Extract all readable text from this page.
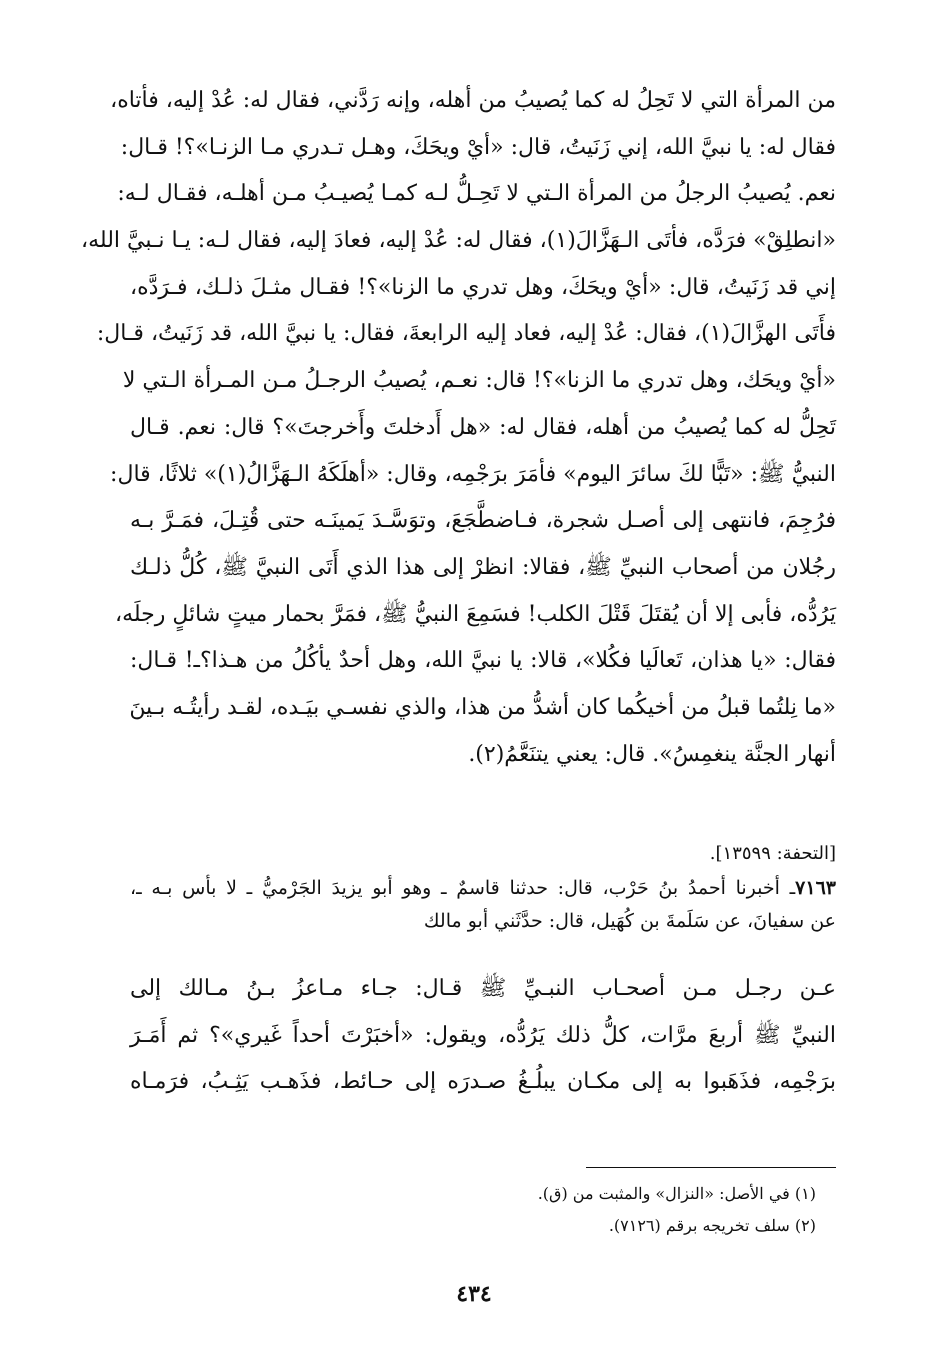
من المرأة التي لا تَحِلُ له كما يُصيبُ من أهله، وإنه رَدَّني، فقال له: عُدْ إليه، فأتاه،
فقال له: يا نبيَّ الله، إني زَنَيتُ، قال: «أيْ ويحَكَ، وهـل تـدري مـا الزنـا»؟! قـال:
نعم. يُصيبُ الرجلُ من المرأة الـتي لا تَحِـلُّ لـه كمـا يُصيـبُ مـن أهلـه، فقـال لـه:
«انطلِقْ» فرَدَّه، فأتَى الـهَزَّالَ(١)، فقال له: عُدْ إليه، فعادَ إليه، فقال لـه: يـا نـبيَّ الله،
إني قد زَنَيتُ، قال: «أيْ ويحَكَ، وهل تدري ما الزنا»؟! فقـال مثـلَ ذلـك، فـرَدَّه،
فأَتَى الهزَّالَ(١)، فقال: عُدْ إليه، فعاد إليه الرابعةَ، فقال: يا نبيَّ الله، قد زَنَيتُ، قـال:
«أيْ ويحَك، وهل تدري ما الزنا»؟! قال: نعـم، يُصيبُ الرجـلُ مـن المـرأة الـتي لا
تَحِلُّ له كما يُصيبُ من أهله، فقال له: «هل أَدخلتَ وأَخرجتَ»؟ قال: نعم. قـال
النبيُّ ﷺ: «تَبًّا لكَ سائرَ اليوم» فأمَرَ برَجْمِه، وقال: «أهلَكَهُ الـهَزَّالُ(١)» ثلاثًا، قال:
فرُجِمَ، فانتهى إلى أصـل شجرة، فـاضطَّجَعَ، وتوَسَّـدَ يَمينَـه حتى قُتِـلَ، فمَـرَّ بـه
رجُلان من أصحاب النبيِّ ﷺ، فقالا: انظرْ إلى هذا الذي أَتَى النبيَّ ﷺ، كُلُّ ذلـك
يَرُدُّه، فأبى إلا أن يُقتَلَ قَتْلَ الكلب! فسَمِعَ النبيُّ ﷺ، فمَرَّ بحمار ميتٍ شائلٍ رجلَه،
فقال: «يا هذان، تَعالَيا فكُلا»، قالا: يا نبيَّ الله، وهل أحدٌ يأكُلُ من هـذا؟ـ! قـال:
«ما نِلتُما قبلُ من أخيكُما كان أشدُّ من هذا، والذي نفسـي بيَـده، لقـد رأيتُـه بـينَ
أنهار الجنَّة ينغمِسُ». قال: يعني يتنَعَّمُ(٢).
[التحفة: ١٣٥٩٩].
٧١٦٣ـ أخبرنا أحمدُ بنُ حَرْب، قال: حدثنا قاسمٌ ـ وهو أبو يزيدَ الجَرْميُّ ـ لا بأس بـه ـ،
عن سفيانَ، عن سَلَمةَ بن كُهَيل، قال: حدَّثَني أبو مالك
عـن رجـل مـن أصحـاب النبـيِّ ﷺ قـال: جـاء مـاعزُ بـنُ مـالك إلى
النبيِّ ﷺ أربعَ مرَّات، كلُّ ذلك يَرُدُّه، ويقول: «أخبَرْتَ أحداً غَيري»؟ ثم أَمَـرَ
برَجْمِه، فذَهَبوا به إلى مكـان يبلُـغُ صـدرَه إلى حـائط، فذَهـب يَثِـبُ، فرَمـاه
(١) في الأصل: «النزال» والمثبت من (ق).
(٢) سلف تخريجه برقم (٧١٢٦).
٤٣٤
